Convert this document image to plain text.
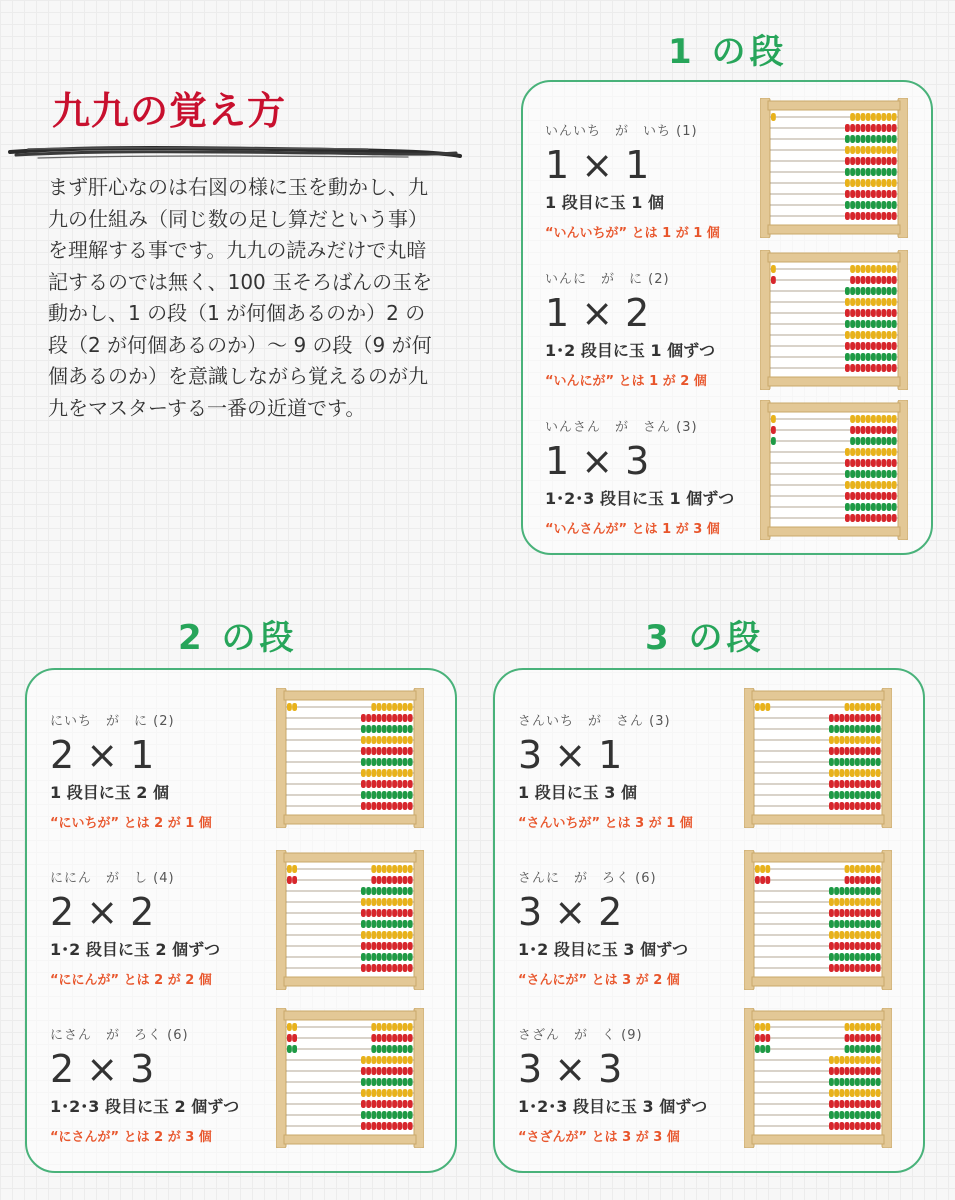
九九の覚え方

まず肝心なのは右図の様に玉を動かし、九九の仕組み（同じ数の足し算だという事）を理解する事です。九九の読みだけで丸暗記するのでは無く、100 玉そろばんの玉を動かし、1 の段（1 が何個あるのか）2 の段（2 が何個あるのか）〜 9 の段（9 が何個あるのか）を意識しながら覚えるのが九九をマスターする一番の近道です。

1 の段
2 の段	3 の段
いんいち　が　いち (1)
1 × 1
1 段目に玉 1 個
“いんいちが” とは 1 が 1 個
いんに　が　に (2)
1 × 2
1･2 段目に玉 1 個ずつ
“いんにが” とは 1 が 2 個
いんさん　が　さん (3)
1 × 3
1･2･3 段目に玉 1 個ずつ
“いんさんが” とは 1 が 3 個
にいち　が　に (2)
2 × 1
1 段目に玉 2 個
“にいちが” とは 2 が 1 個
ににん　が　し (4)
2 × 2
1･2 段目に玉 2 個ずつ
“ににんが” とは 2 が 2 個
にさん　が　ろく (6)
2 × 3
1･2･3 段目に玉 2 個ずつ
“にさんが” とは 2 が 3 個
さんいち　が　さん (3)
3 × 1
1 段目に玉 3 個
“さんいちが” とは 3 が 1 個
さんに　が　ろく (6)
3 × 2
1･2 段目に玉 3 個ずつ
“さんにが” とは 3 が 2 個
さざん　が　く (9)
3 × 3
1･2･3 段目に玉 3 個ずつ
“さざんが” とは 3 が 3 個
